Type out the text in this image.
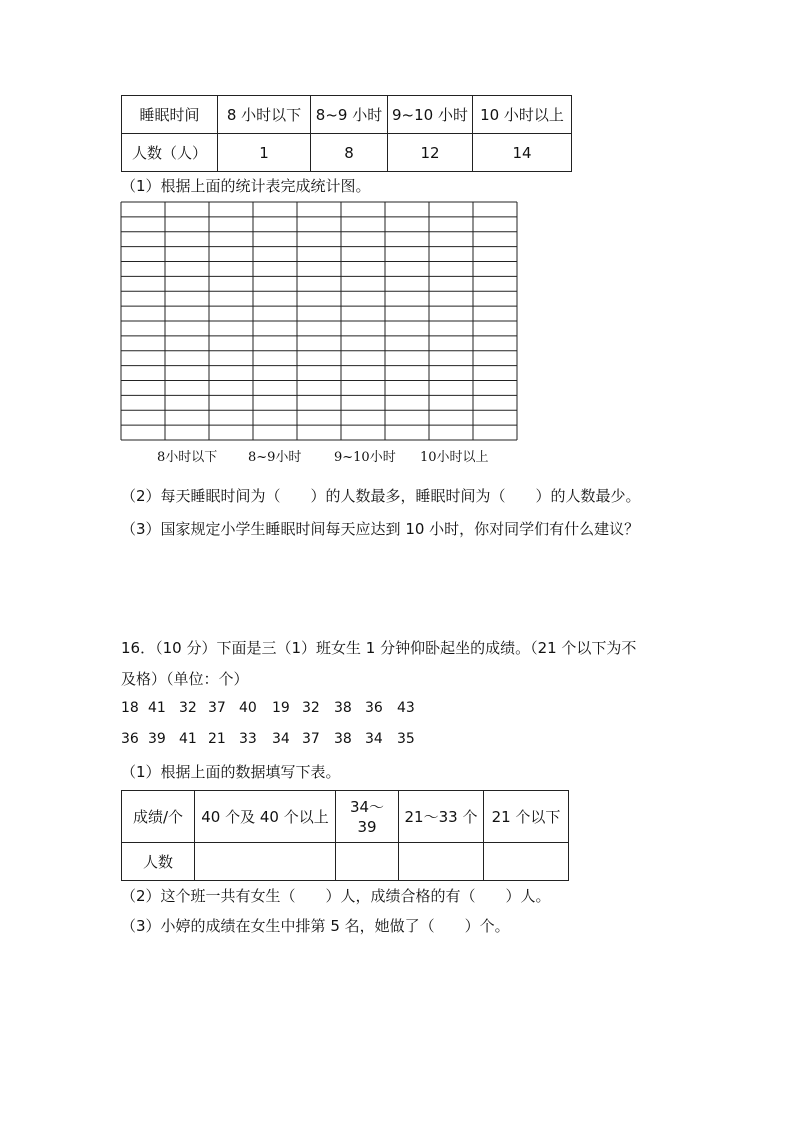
睡眠时间	8 小时以下	8~9 小时	9~10 小时	10 小时以上
人数（人）	1	8	12	14
（1）根据上面的统计表完成统计图。
8小时以下 8~9小时	9~10小时 10小时以上
（2）每天睡眠时间为（　　）的人数最多，睡眠时间为（　　）的人数最少。
（3）国家规定小学生睡眠时间每天应达到 10 小时，你对同学们有什么建议？
16．（10 分）下面是三（1）班女生 1 分钟仰卧起坐的成绩。（21 个以下为不
及格）（单位：个）
18 41 32 37 40	19 32	38 36	43
36 39 41 21 33	34 37	38 34	35
（1）根据上面的数据填写下表。
成绩/个	40 个及 40 个以上	34～39	21～33 个	21 个以下
人数				
（2）这个班一共有女生（　　）人，成绩合格的有（　　）人。
（3）小婷的成绩在女生中排第 5 名，她做了（　　）个。
